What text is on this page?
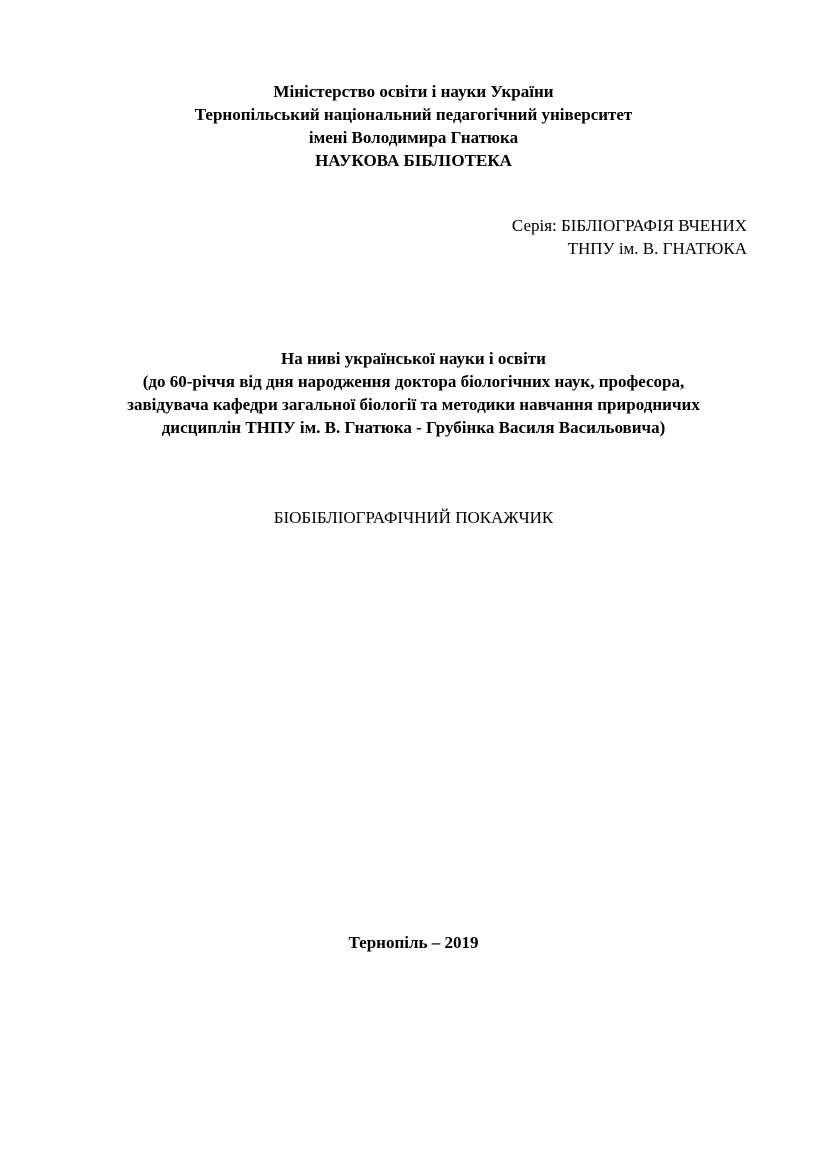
Міністерство освіти і науки України
Тернопільський національний педагогічний університет
імені Володимира Гнатюка
НАУКОВА БІБЛІОТЕКА
Серія: БІБЛІОГРАФІЯ ВЧЕНИХ
ТНПУ ім. В. ГНАТЮКА
На ниві української науки і освіти
(до 60-річчя від дня народження доктора біологічних наук, професора,
завідувача кафедри загальної біології та методики навчання природничих
дисциплін ТНПУ ім. В. Гнатюка - Грубінка Василя Васильовича)
БІОБІБЛІОГРАФІЧНИЙ ПОКАЖЧИК
Тернопіль – 2019
